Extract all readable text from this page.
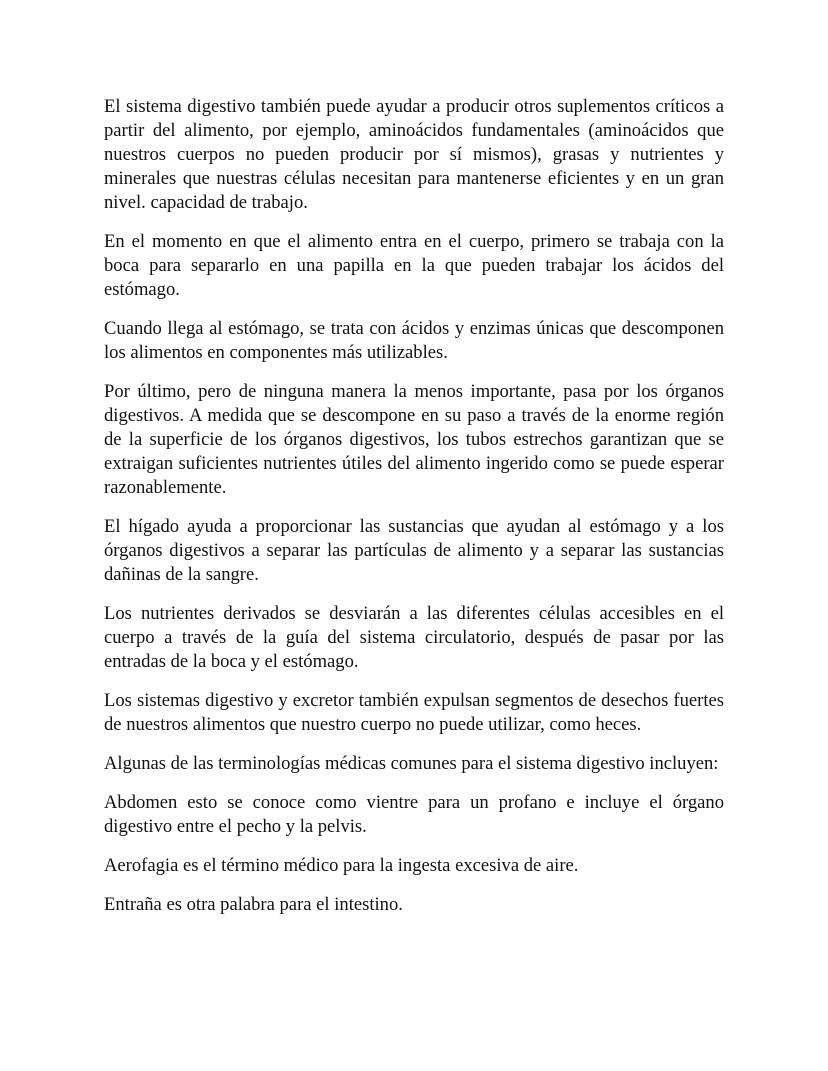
El sistema digestivo también puede ayudar a producir otros suplementos críticos a partir del alimento, por ejemplo, aminoácidos fundamentales (aminoácidos que nuestros cuerpos no pueden producir por sí mismos), grasas y nutrientes y minerales que nuestras células necesitan para mantenerse eficientes y en un gran nivel. capacidad de trabajo.

En el momento en que el alimento entra en el cuerpo, primero se trabaja con la boca para separarlo en una papilla en la que pueden trabajar los ácidos del estómago.

Cuando llega al estómago, se trata con ácidos y enzimas únicas que descomponen los alimentos en componentes más utilizables.

Por último, pero de ninguna manera la menos importante, pasa por los órganos digestivos. A medida que se descompone en su paso a través de la enorme región de la superficie de los órganos digestivos, los tubos estrechos garantizan que se extraigan suficientes nutrientes útiles del alimento ingerido como se puede esperar razonablemente.

El hígado ayuda a proporcionar las sustancias que ayudan al estómago y a los órganos digestivos a separar las partículas de alimento y a separar las sustancias dañinas de la sangre.

Los nutrientes derivados se desviarán a las diferentes células accesibles en el cuerpo a través de la guía del sistema circulatorio, después de pasar por las entradas de la boca y el estómago.

Los sistemas digestivo y excretor también expulsan segmentos de desechos fuertes de nuestros alimentos que nuestro cuerpo no puede utilizar, como heces.

Algunas de las terminologías médicas comunes para el sistema digestivo incluyen:

Abdomen esto se conoce como vientre para un profano e incluye el órgano digestivo entre el pecho y la pelvis.

Aerofagia es el término médico para la ingesta excesiva de aire.

Entraña es otra palabra para el intestino.
